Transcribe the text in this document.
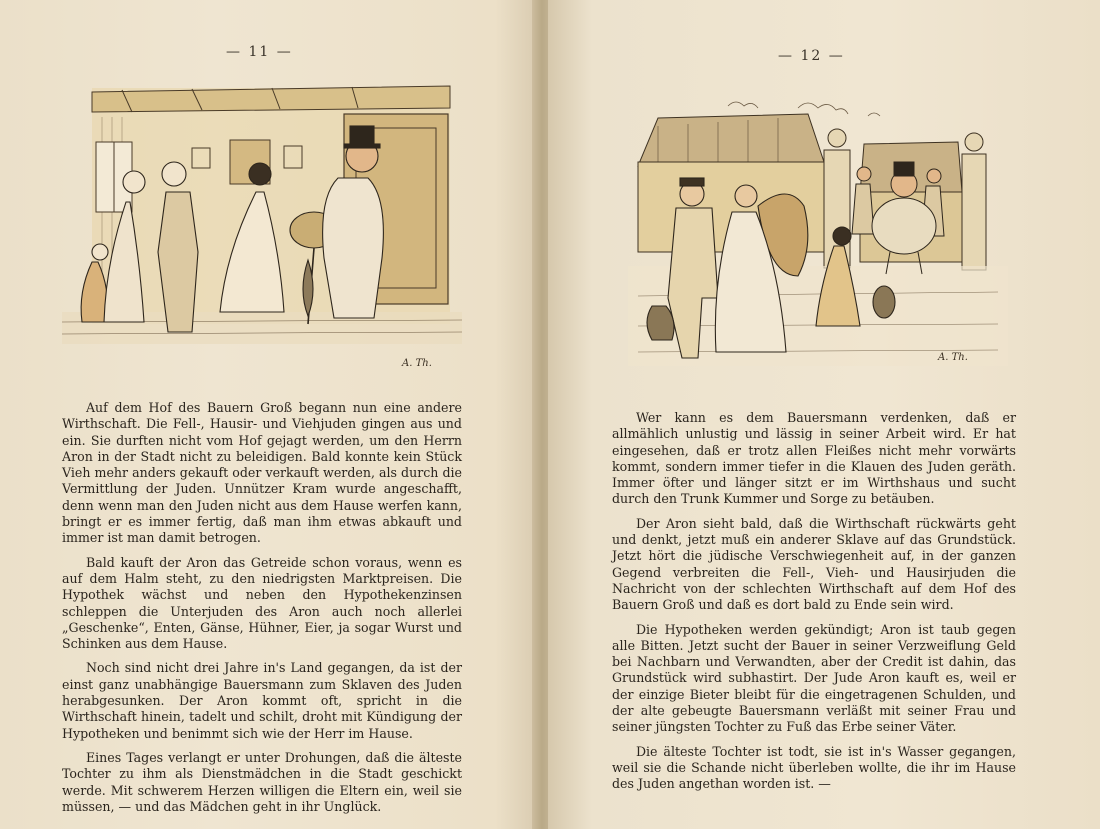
— 11 —
A. Th.

Auf dem Hof des Bauern Groß begann nun eine andere Wirthschaft. Die Fell-, Hausir- und Viehjuden gingen aus und ein. Sie durften nicht vom Hof gejagt werden, um den Herrn Aron in der Stadt nicht zu beleidigen. Bald konnte kein Stück Vieh mehr anders gekauft oder verkauft werden, als durch die Vermittlung der Juden. Unnützer Kram wurde angeschafft, denn wenn man den Juden nicht aus dem Hause werfen kann, bringt er es immer fertig, daß man ihm etwas abkauft und immer ist man damit betrogen.

Bald kauft der Aron das Getreide schon voraus, wenn es auf dem Halm steht, zu den niedrigsten Marktpreisen. Die Hypothek wächst und neben den Hypothekenzinsen schleppen die Unterjuden des Aron auch noch allerlei „Geschenke“, Enten, Gänse, Hühner, Eier, ja sogar Wurst und Schinken aus dem Hause.

Noch sind nicht drei Jahre in's Land gegangen, da ist der einst ganz unabhängige Bauersmann zum Sklaven des Juden herabgesunken. Der Aron kommt oft, spricht in die Wirthschaft hinein, tadelt und schilt, droht mit Kündigung der Hypotheken und benimmt sich wie der Herr im Hause.

Eines Tages verlangt er unter Drohungen, daß die älteste Tochter zu ihm als Dienstmädchen in die Stadt geschickt werde. Mit schwerem Herzen willigen die Eltern ein, weil sie müssen, — und das Mädchen geht in ihr Unglück.

— 12 —
A. Th.

Wer kann es dem Bauersmann verdenken, daß er allmählich unlustig und lässig in seiner Arbeit wird. Er hat eingesehen, daß er trotz allen Fleißes nicht mehr vorwärts kommt, sondern immer tiefer in die Klauen des Juden geräth. Immer öfter und länger sitzt er im Wirthshaus und sucht durch den Trunk Kummer und Sorge zu betäuben.

Der Aron sieht bald, daß die Wirthschaft rückwärts geht und denkt, jetzt muß ein anderer Sklave auf das Grundstück. Jetzt hört die jüdische Verschwiegenheit auf, in der ganzen Gegend verbreiten die Fell-, Vieh- und Hausirjuden die Nachricht von der schlechten Wirthschaft auf dem Hof des Bauern Groß und daß es dort bald zu Ende sein wird.

Die Hypotheken werden gekündigt; Aron ist taub gegen alle Bitten. Jetzt sucht der Bauer in seiner Verzweiflung Geld bei Nachbarn und Verwandten, aber der Credit ist dahin, das Grundstück wird subhastirt. Der Jude Aron kauft es, weil er der einzige Bieter bleibt für die eingetragenen Schulden, und der alte gebeugte Bauersmann verläßt mit seiner Frau und seiner jüngsten Tochter zu Fuß das Erbe seiner Väter.

Die älteste Tochter ist todt, sie ist in's Wasser gegangen, weil sie die Schande nicht überleben wollte, die ihr im Hause des Juden angethan worden ist. —
